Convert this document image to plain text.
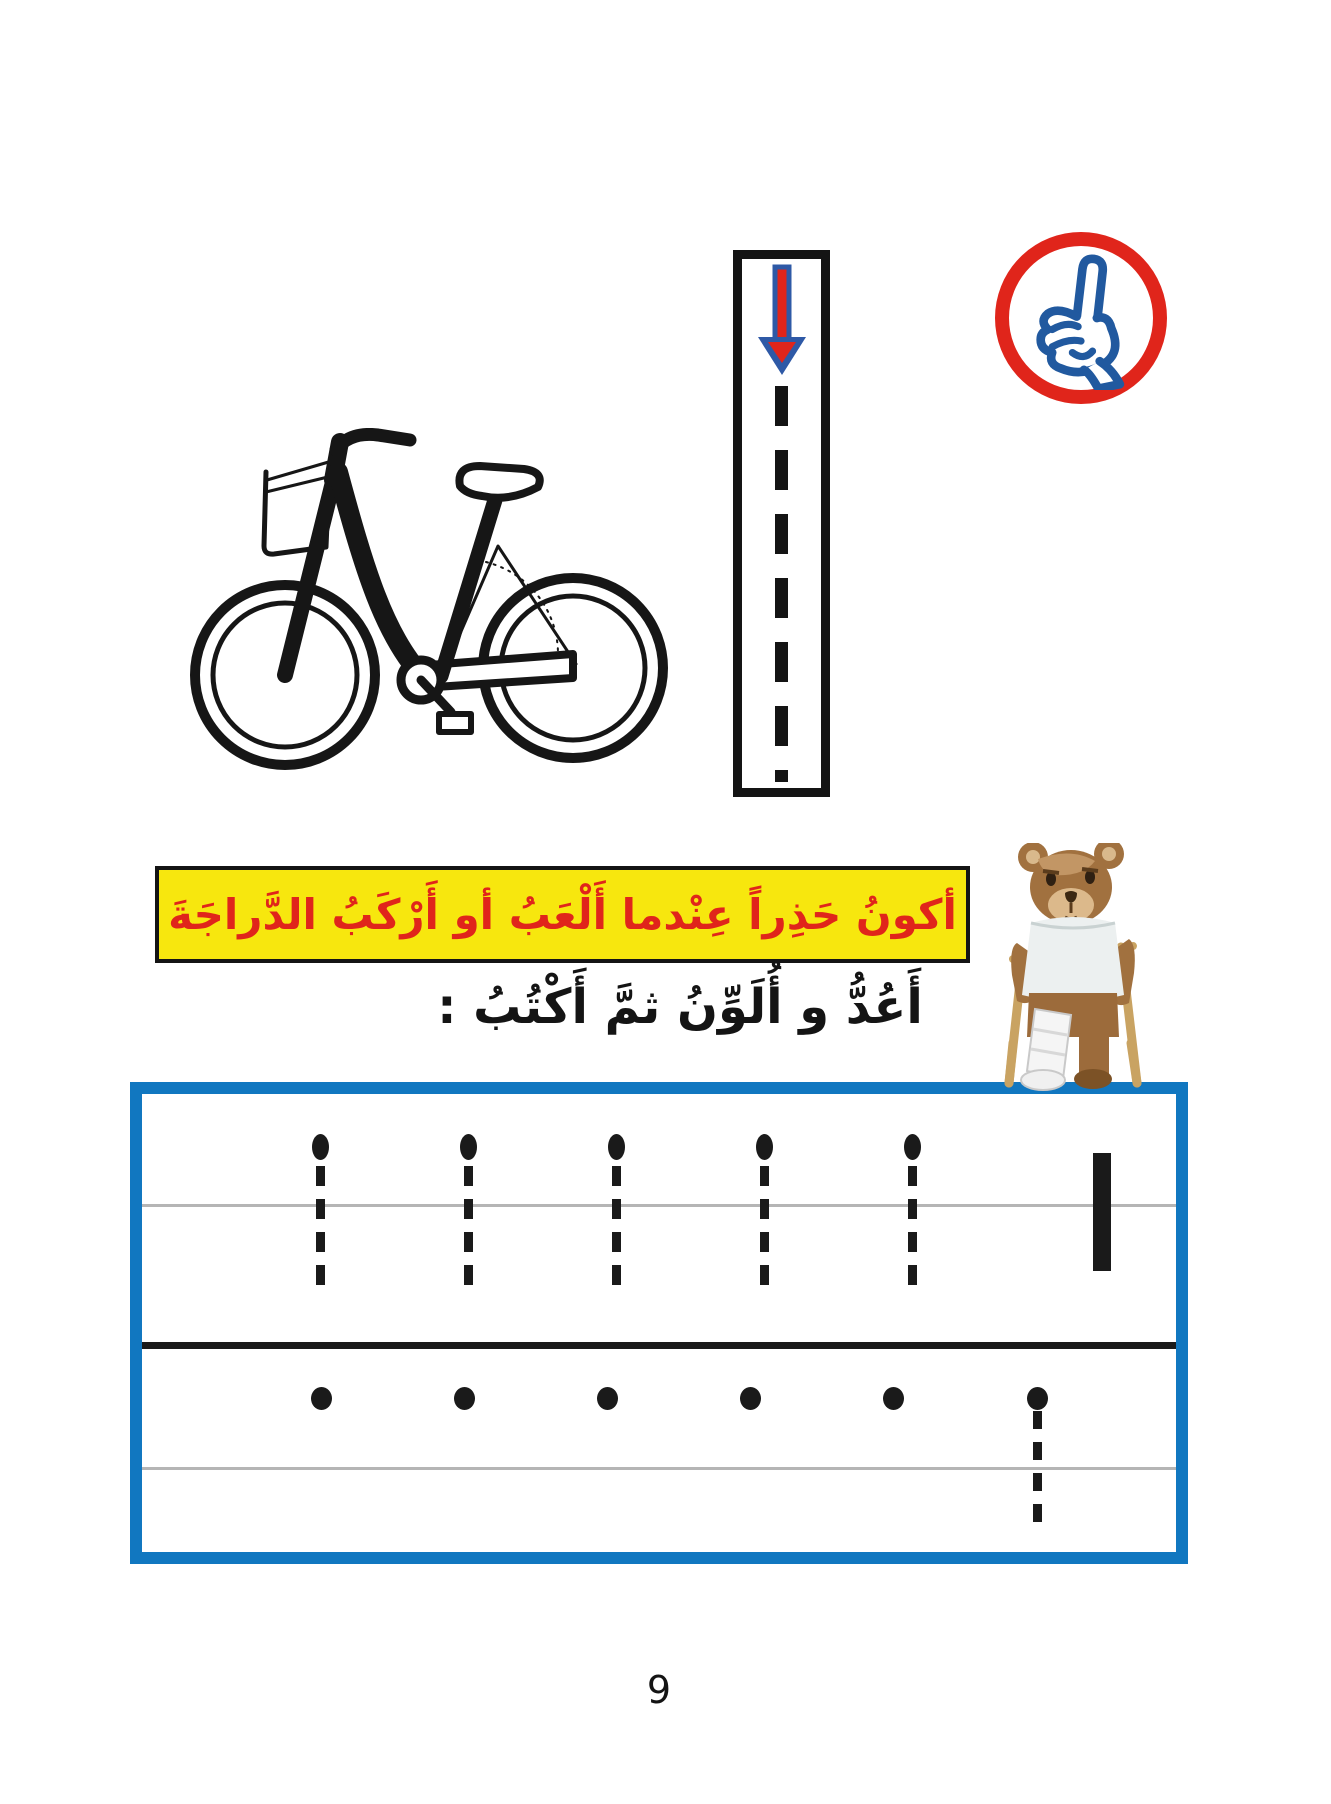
أكونُ حَذِراً عِنْدما أَلْعَبُ أو أَرْكَبُ الدَّراجَةَ
أَعُدُّ و أُلَوِّنُ ثمَّ أَكْتُبُ :
9
